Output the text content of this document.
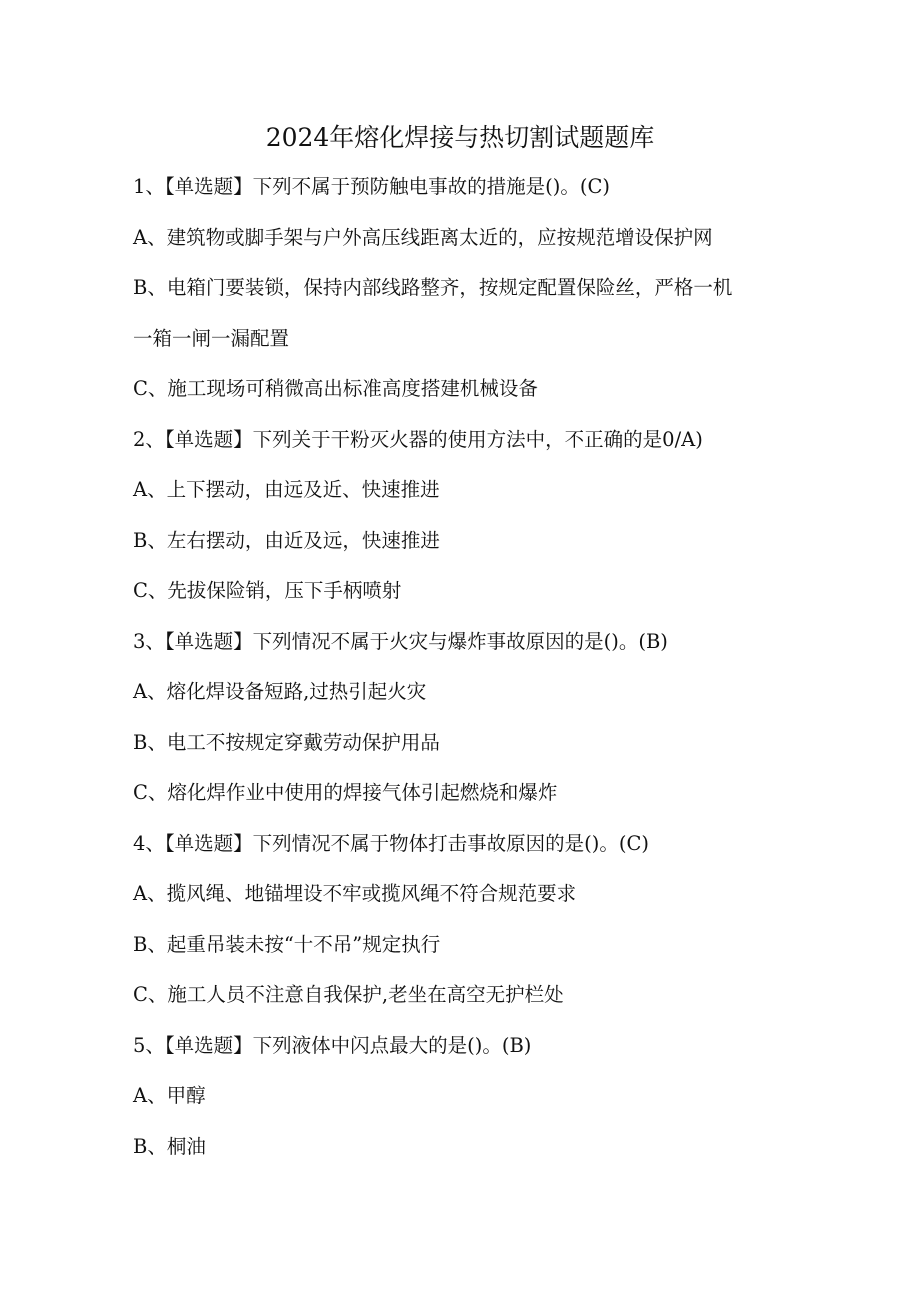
2024年熔化焊接与热切割试题题库
1、【单选题】下列不属于预防触电事故的措施是()。(C)
A、建筑物或脚手架与户外高压线距离太近的，应按规范增设保护网
B、电箱门要装锁，保持内部线路整齐，按规定配置保险丝，严格一机
一箱一闸一漏配置
C、施工现场可稍微高出标准高度搭建机械设备
2、【单选题】下列关于干粉灭火器的使用方法中，不正确的是0/A)
A、上下摆动，由远及近、快速推进
B、左右摆动，由近及远，快速推进
C、先拔保险销，压下手柄喷射
3、【单选题】下列情况不属于火灾与爆炸事故原因的是()。(B)
A、熔化焊设备短路,过热引起火灾
B、电工不按规定穿戴劳动保护用品
C、熔化焊作业中使用的焊接气体引起燃烧和爆炸
4、【单选题】下列情况不属于物体打击事故原因的是()。(C)
A、揽风绳、地锚埋设不牢或揽风绳不符合规范要求
B、起重吊装未按“十不吊”规定执行
C、施工人员不注意自我保护,老坐在高空无护栏处
5、【单选题】下列液体中闪点最大的是()。(B)
A、甲醇
B、桐油
